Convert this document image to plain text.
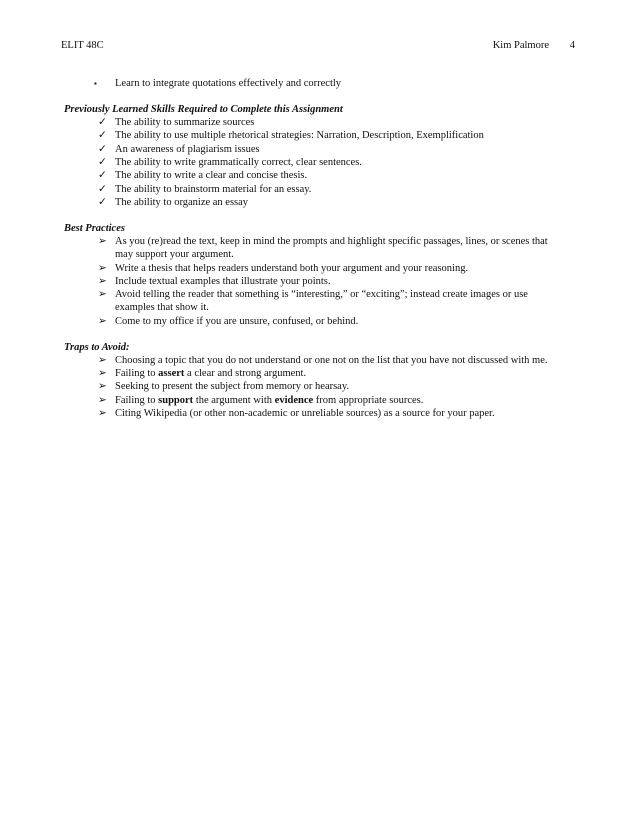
ELIT 48C	Kim Palmore 4
▪	Learn to integrate quotations effectively and correctly
Previously Learned Skills Required to Complete this Assignment
✓ The ability to summarize sources
✓ The ability to use multiple rhetorical strategies: Narration, Description, Exemplification
✓ An awareness of plagiarism issues
✓ The ability to write grammatically correct, clear sentences.
✓ The ability to write a clear and concise thesis.
✓ The ability to brainstorm material for an essay.
✓ The ability to organize an essay
Best Practices
➢ As you (re)read the text, keep in mind the prompts and highlight specific passages, lines, or scenes that may support your argument.
➢ Write a thesis that helps readers understand both your argument and your reasoning.
➢ Include textual examples that illustrate your points.
➢ Avoid telling the reader that something is “interesting,” or “exciting”; instead create images or use examples that show it.
➢ Come to my office if you are unsure, confused, or behind.
Traps to Avoid:
➢ Choosing a topic that you do not understand or one not on the list that you have not discussed with me.
➢ Failing to assert a clear and strong argument.
➢ Seeking to present the subject from memory or hearsay.
➢ Failing to support the argument with evidence from appropriate sources.
➢ Citing Wikipedia (or other non-academic or unreliable sources) as a source for your paper.
